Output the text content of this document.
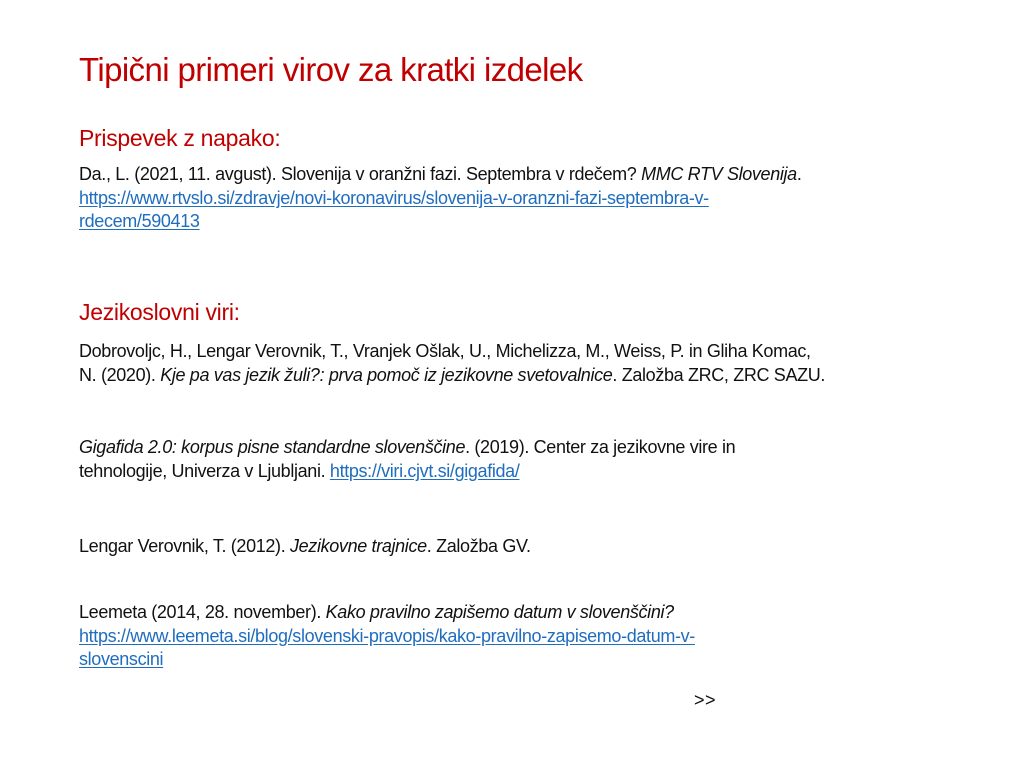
Tipični primeri virov za kratki izdelek
Prispevek z napako:

Da., L. (2021, 11. avgust). Slovenija v oranžni fazi. Septembra v rdečem? MMC RTV Slovenija.
https://www.rtvslo.si/zdravje/novi-koronavirus/slovenija-v-oranzni-fazi-septembra-v-
rdecem/590413

Jezikoslovni viri:

Dobrovoljc, H., Lengar Verovnik, T., Vranjek Ošlak, U., Michelizza, M., Weiss, P. in Gliha Komac,
N. (2020). Kje pa vas jezik žuli?: prva pomoč iz jezikovne svetovalnice. Založba ZRC, ZRC SAZU.

Gigafida 2.0: korpus pisne standardne slovenščine. (2019). Center za jezikovne vire in
tehnologije, Univerza v Ljubljani. https://viri.cjvt.si/gigafida/

Lengar Verovnik, T. (2012). Jezikovne trajnice. Založba GV.

Leemeta (2014, 28. november). Kako pravilno zapišemo datum v slovenščini?
https://www.leemeta.si/blog/slovenski-pravopis/kako-pravilno-zapisemo-datum-v-
slovenscini

>>
